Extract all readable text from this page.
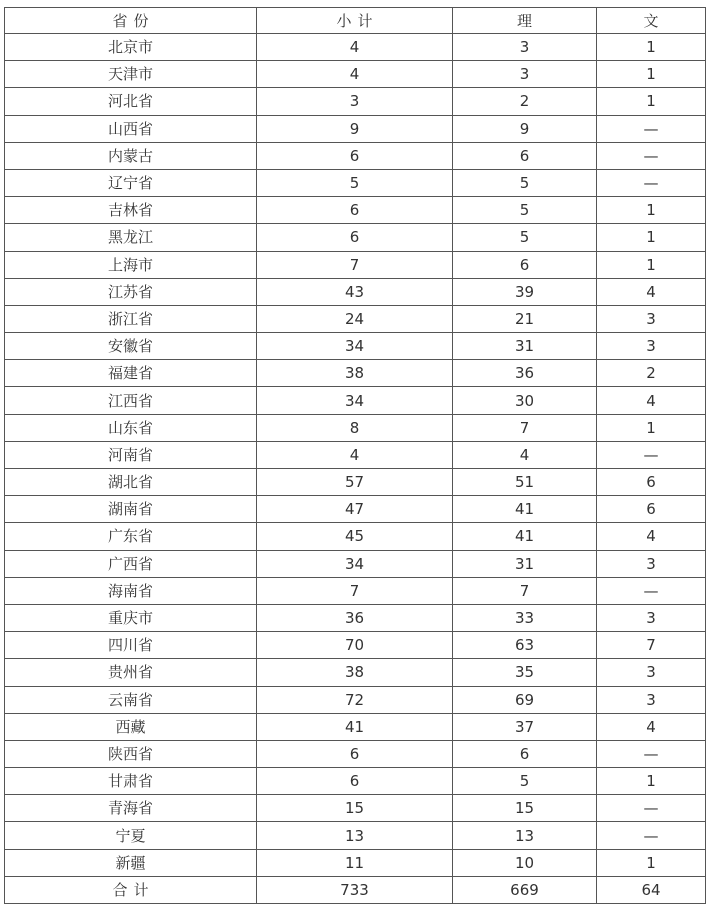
省份	小计	理	文
北京市	4	3	1
天津市	4	3	1
河北省	3	2	1
山西省	9	9	—
内蒙古	6	6	—
辽宁省	5	5	—
吉林省	6	5	1
黑龙江	6	5	1
上海市	7	6	1
江苏省	43	39	4
浙江省	24	21	3
安徽省	34	31	3
福建省	38	36	2
江西省	34	30	4
山东省	8	7	1
河南省	4	4	—
湖北省	57	51	6
湖南省	47	41	6
广东省	45	41	4
广西省	34	31	3
海南省	7	7	—
重庆市	36	33	3
四川省	70	63	7
贵州省	38	35	3
云南省	72	69	3
西藏	41	37	4
陕西省	6	6	—
甘肃省	6	5	1
青海省	15	15	—
宁夏	13	13	—
新疆	11	10	1
合计	733	669	64
